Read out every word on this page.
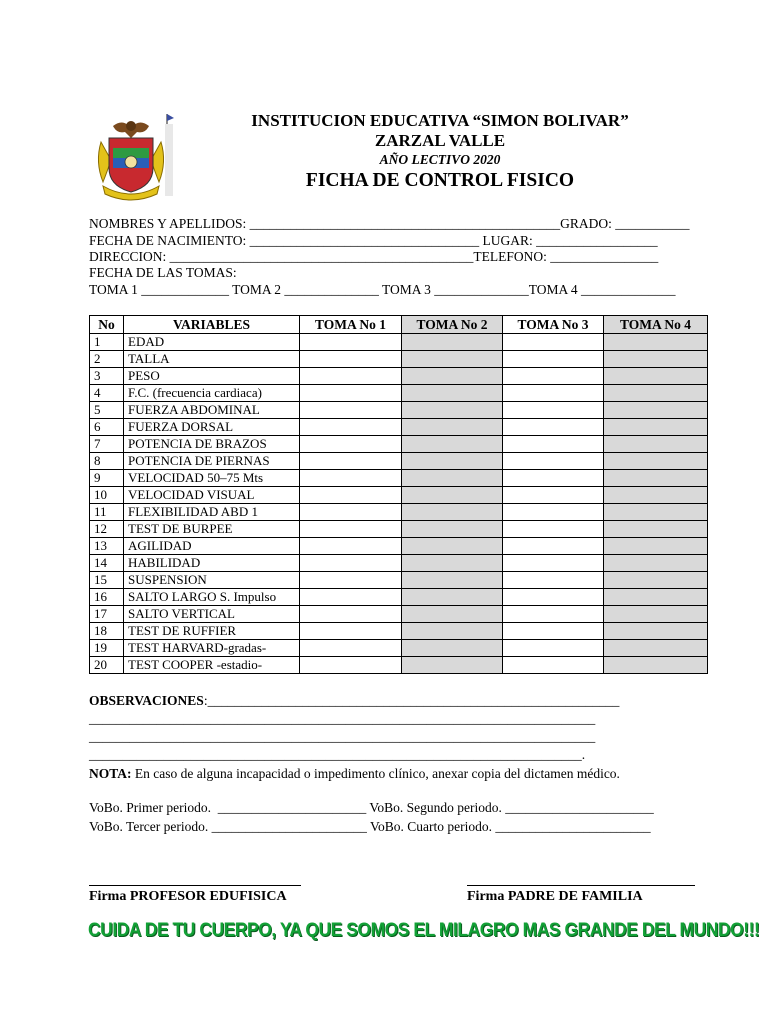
INSTITUCION EDUCATIVA “SIMON BOLIVAR”
ZARZAL VALLE
AÑO LECTIVO 2020
FICHA DE CONTROL FISICO
NOMBRES Y APELLIDOS: ______________________________________________GRADO: ___________
FECHA DE NACIMIENTO: __________________________________ LUGAR: __________________
DIRECCION: _____________________________________________TELEFONO: ________________
FECHA DE LAS TOMAS:
TOMA 1 _____________ TOMA 2 ______________ TOMA 3 ______________TOMA 4 ______________
No	VARIABLES	TOMA No 1	TOMA No 2	TOMA No 3	TOMA No 4
1	EDAD				
2	TALLA				
3	PESO				
4	F.C. (frecuencia cardiaca)				
5	FUERZA ABDOMINAL				
6	FUERZA DORSAL				
7	POTENCIA DE BRAZOS				
8	POTENCIA DE PIERNAS				
9	VELOCIDAD 50–75 Mts				
10	VELOCIDAD VISUAL				
11	FLEXIBILIDAD ABD 1				
12	TEST DE BURPEE				
13	AGILIDAD				
14	HABILIDAD				
15	SUSPENSION				
16	SALTO LARGO S. Impulso				
17	SALTO VERTICAL				
18	TEST DE RUFFIER				
19	TEST HARVARD-gradas-				
20	TEST COOPER -estadio-				
OBSERVACIONES:_____________________________________________________________
___________________________________________________________________________
___________________________________________________________________________
_________________________________________________________________________.
NOTA: En caso de alguna incapacidad o impedimento clínico, anexar copia del dictamen médico.
VoBo. Primer periodo.  ______________________ VoBo. Segundo periodo. ______________________
VoBo. Tercer periodo. _______________________ VoBo. Cuarto periodo. _______________________
Firma PROFESOR EDUFISICA	Firma PADRE DE FAMILIA
CUIDA DE TU CUERPO, YA QUE SOMOS EL MILAGRO MAS GRANDE DEL MUNDO!!!
